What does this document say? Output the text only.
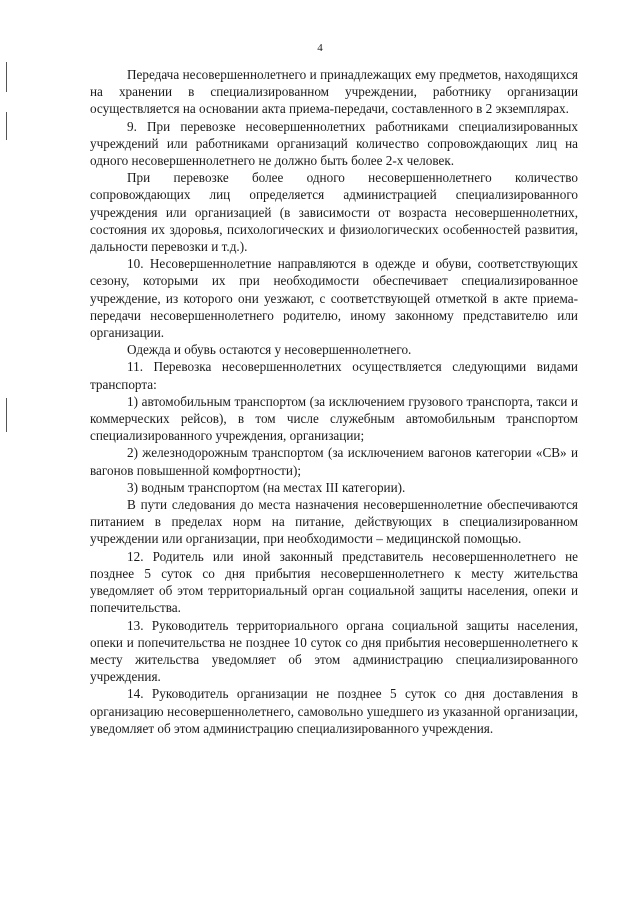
4

Передача несовершеннолетнего и принадлежащих ему предметов, находящихся на хранении в специализированном учреждении, работнику организации осуществляется на основании акта приема-передачи, составленного в 2 экземплярах.

9. При перевозке несовершеннолетних работниками специализированных учреждений или работниками организаций количество сопровождающих лиц на одного несовершеннолетнего не должно быть более 2-х человек.

При перевозке более одного несовершеннолетнего количество сопровождающих лиц определяется администрацией специализированного учреждения или организацией (в зависимости от возраста несовершеннолетних, состояния их здоровья, психологических и физиологических особенностей развития, дальности перевозки и т.д.).

10. Несовершеннолетние направляются в одежде и обуви, соответствующих сезону, которыми их при необходимости обеспечивает специализированное учреждение, из которого они уезжают, с соответствующей отметкой в акте приема-передачи несовершеннолетнего родителю, иному законному представителю или организации.

Одежда и обувь остаются у несовершеннолетнего.

11. Перевозка несовершеннолетних осуществляется следующими видами транспорта:

1) автомобильным транспортом (за исключением грузового транспорта, такси и коммерческих рейсов), в том числе служебным автомобильным транспортом специализированного учреждения, организации;

2) железнодорожным транспортом (за исключением вагонов категории «СВ» и вагонов повышенной комфортности);

3) водным транспортом (на местах III категории).

В пути следования до места назначения несовершеннолетние обеспечиваются питанием в пределах норм на питание, действующих в специализированном учреждении или организации, при необходимости – медицинской помощью.

12. Родитель или иной законный представитель несовершеннолетнего не позднее 5 суток со дня прибытия несовершеннолетнего к месту жительства уведомляет об этом территориальный орган социальной защиты населения, опеки и попечительства.

13. Руководитель территориального органа социальной защиты населения, опеки и попечительства не позднее 10 суток со дня прибытия несовершеннолетнего к месту жительства уведомляет об этом администрацию специализированного учреждения.

14. Руководитель организации не позднее 5 суток со дня доставления в организацию несовершеннолетнего, самовольно ушедшего из указанной организации, уведомляет об этом администрацию специализированного учреждения.
